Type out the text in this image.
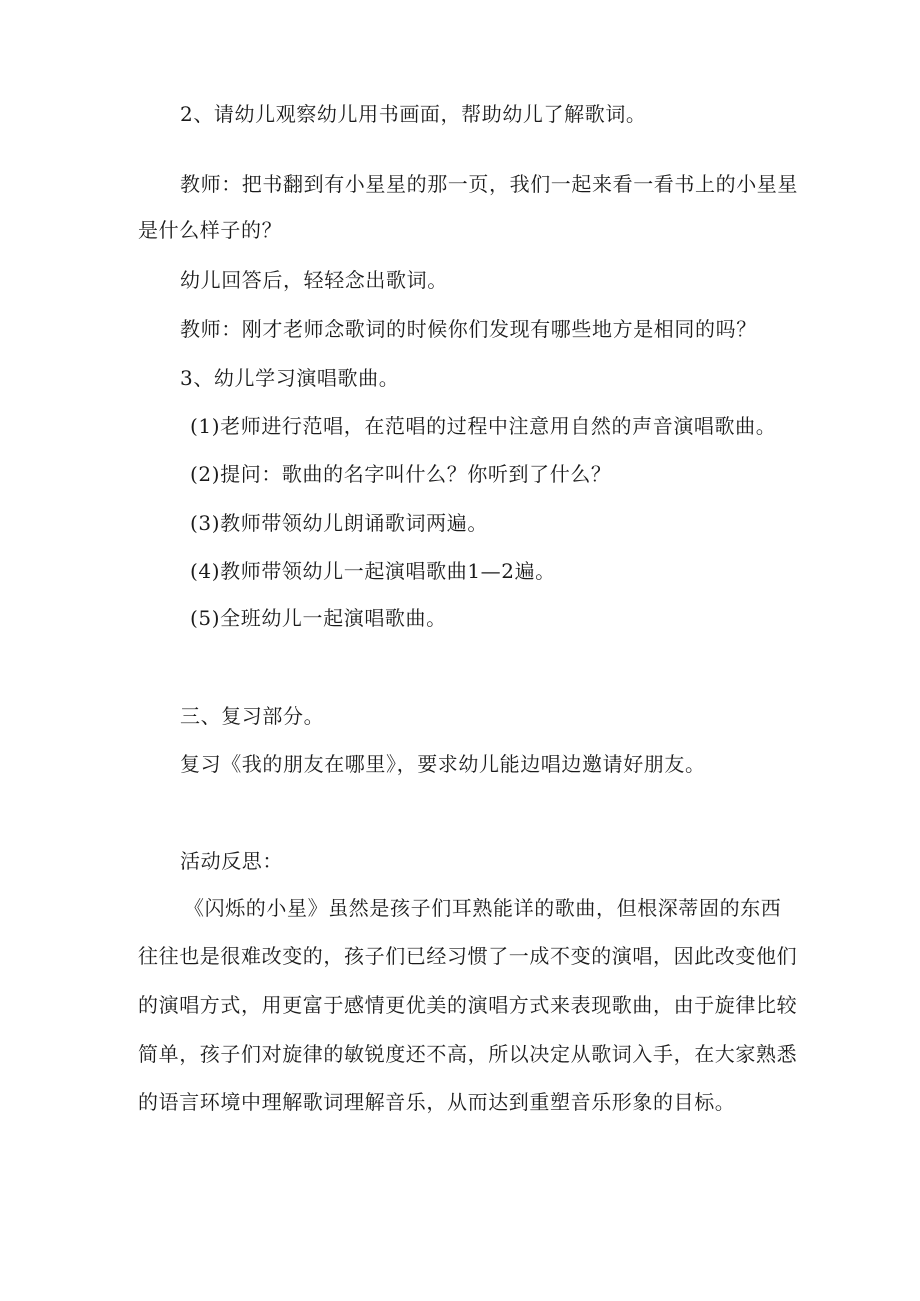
2、请幼儿观察幼儿用书画面，帮助幼儿了解歌词。
教师：把书翻到有小星星的那一页，我们一起来看一看书上的小星星
是什么样子的？
幼儿回答后，轻轻念出歌词。
教师：刚才老师念歌词的时候你们发现有哪些地方是相同的吗？
3、幼儿学习演唱歌曲。
(1)老师进行范唱，在范唱的过程中注意用自然的声音演唱歌曲。
(2)提问：歌曲的名字叫什么？你听到了什么？
(3)教师带领幼儿朗诵歌词两遍。
(4)教师带领幼儿一起演唱歌曲1—2遍。
(5)全班幼儿一起演唱歌曲。
三、复习部分。
复习《我的朋友在哪里》，要求幼儿能边唱边邀请好朋友。
活动反思：
《闪烁的小星》虽然是孩子们耳熟能详的歌曲，但根深蒂固的东西
往往也是很难改变的，孩子们已经习惯了一成不变的演唱，因此改变他们
的演唱方式，用更富于感情更优美的演唱方式来表现歌曲，由于旋律比较
简单，孩子们对旋律的敏锐度还不高，所以决定从歌词入手，在大家熟悉
的语言环境中理解歌词理解音乐，从而达到重塑音乐形象的目标。
